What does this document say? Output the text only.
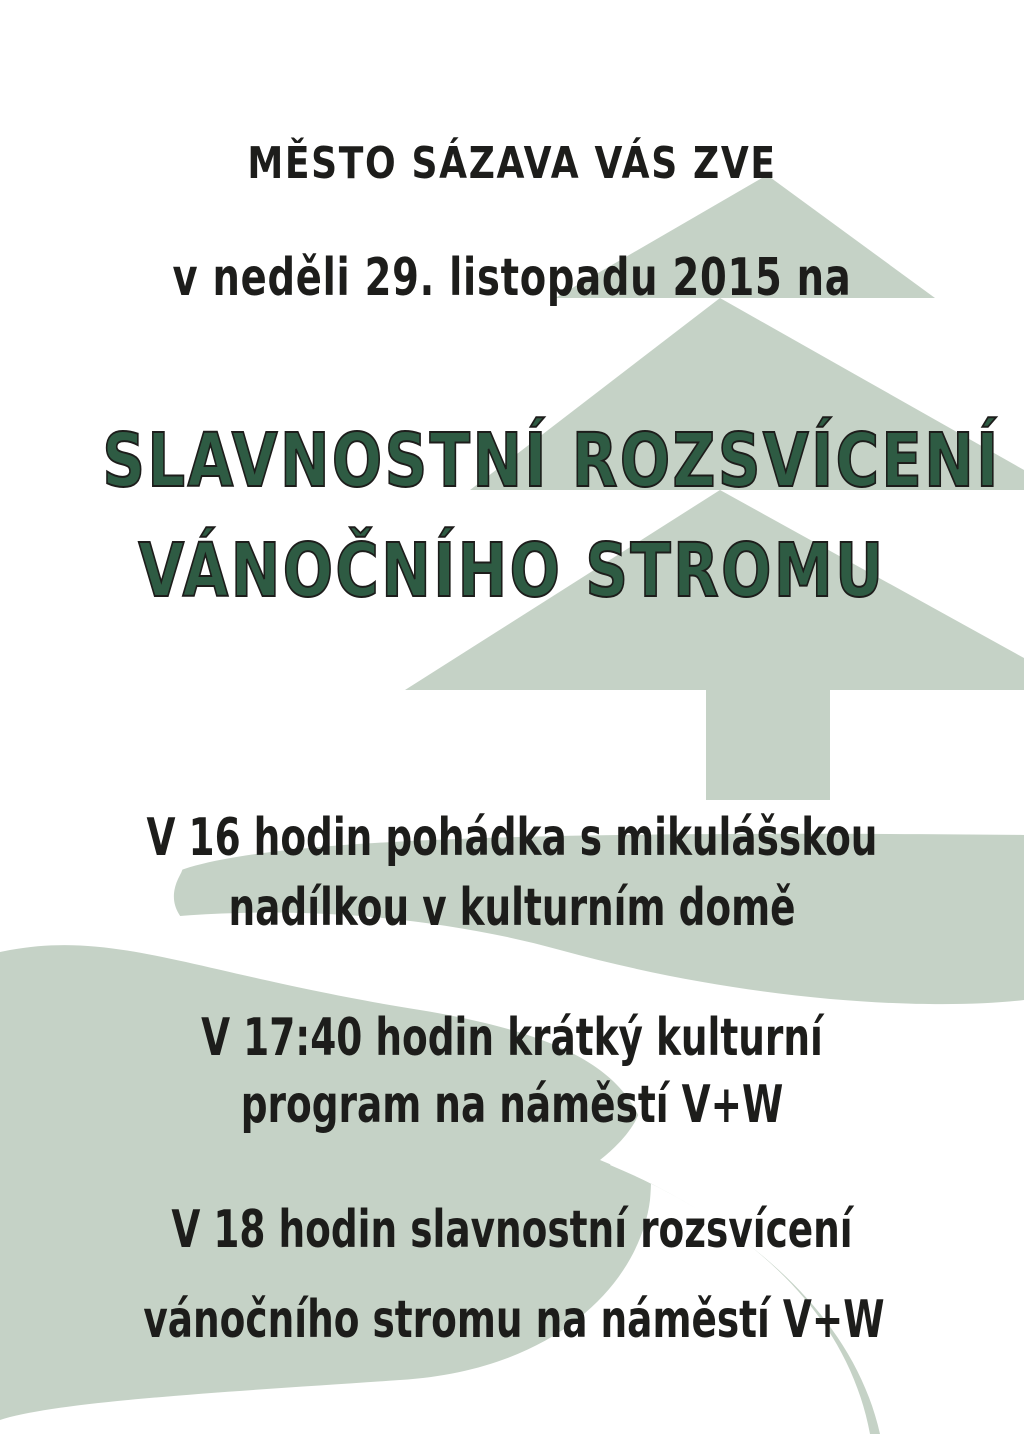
MĚSTO SÁZAVA VÁS ZVE
v neděli 29. listopadu 2015 na
SLAVNOSTNÍ ROZSVÍCENÍ
VÁNOČNÍHO STROMU
V 16 hodin pohádka s mikulášskou
nadílkou v kulturním domě
V 17:40 hodin krátký kulturní
program na náměstí V+W
V 18 hodin slavnostní rozsvícení
vánočního stromu na náměstí V+W
